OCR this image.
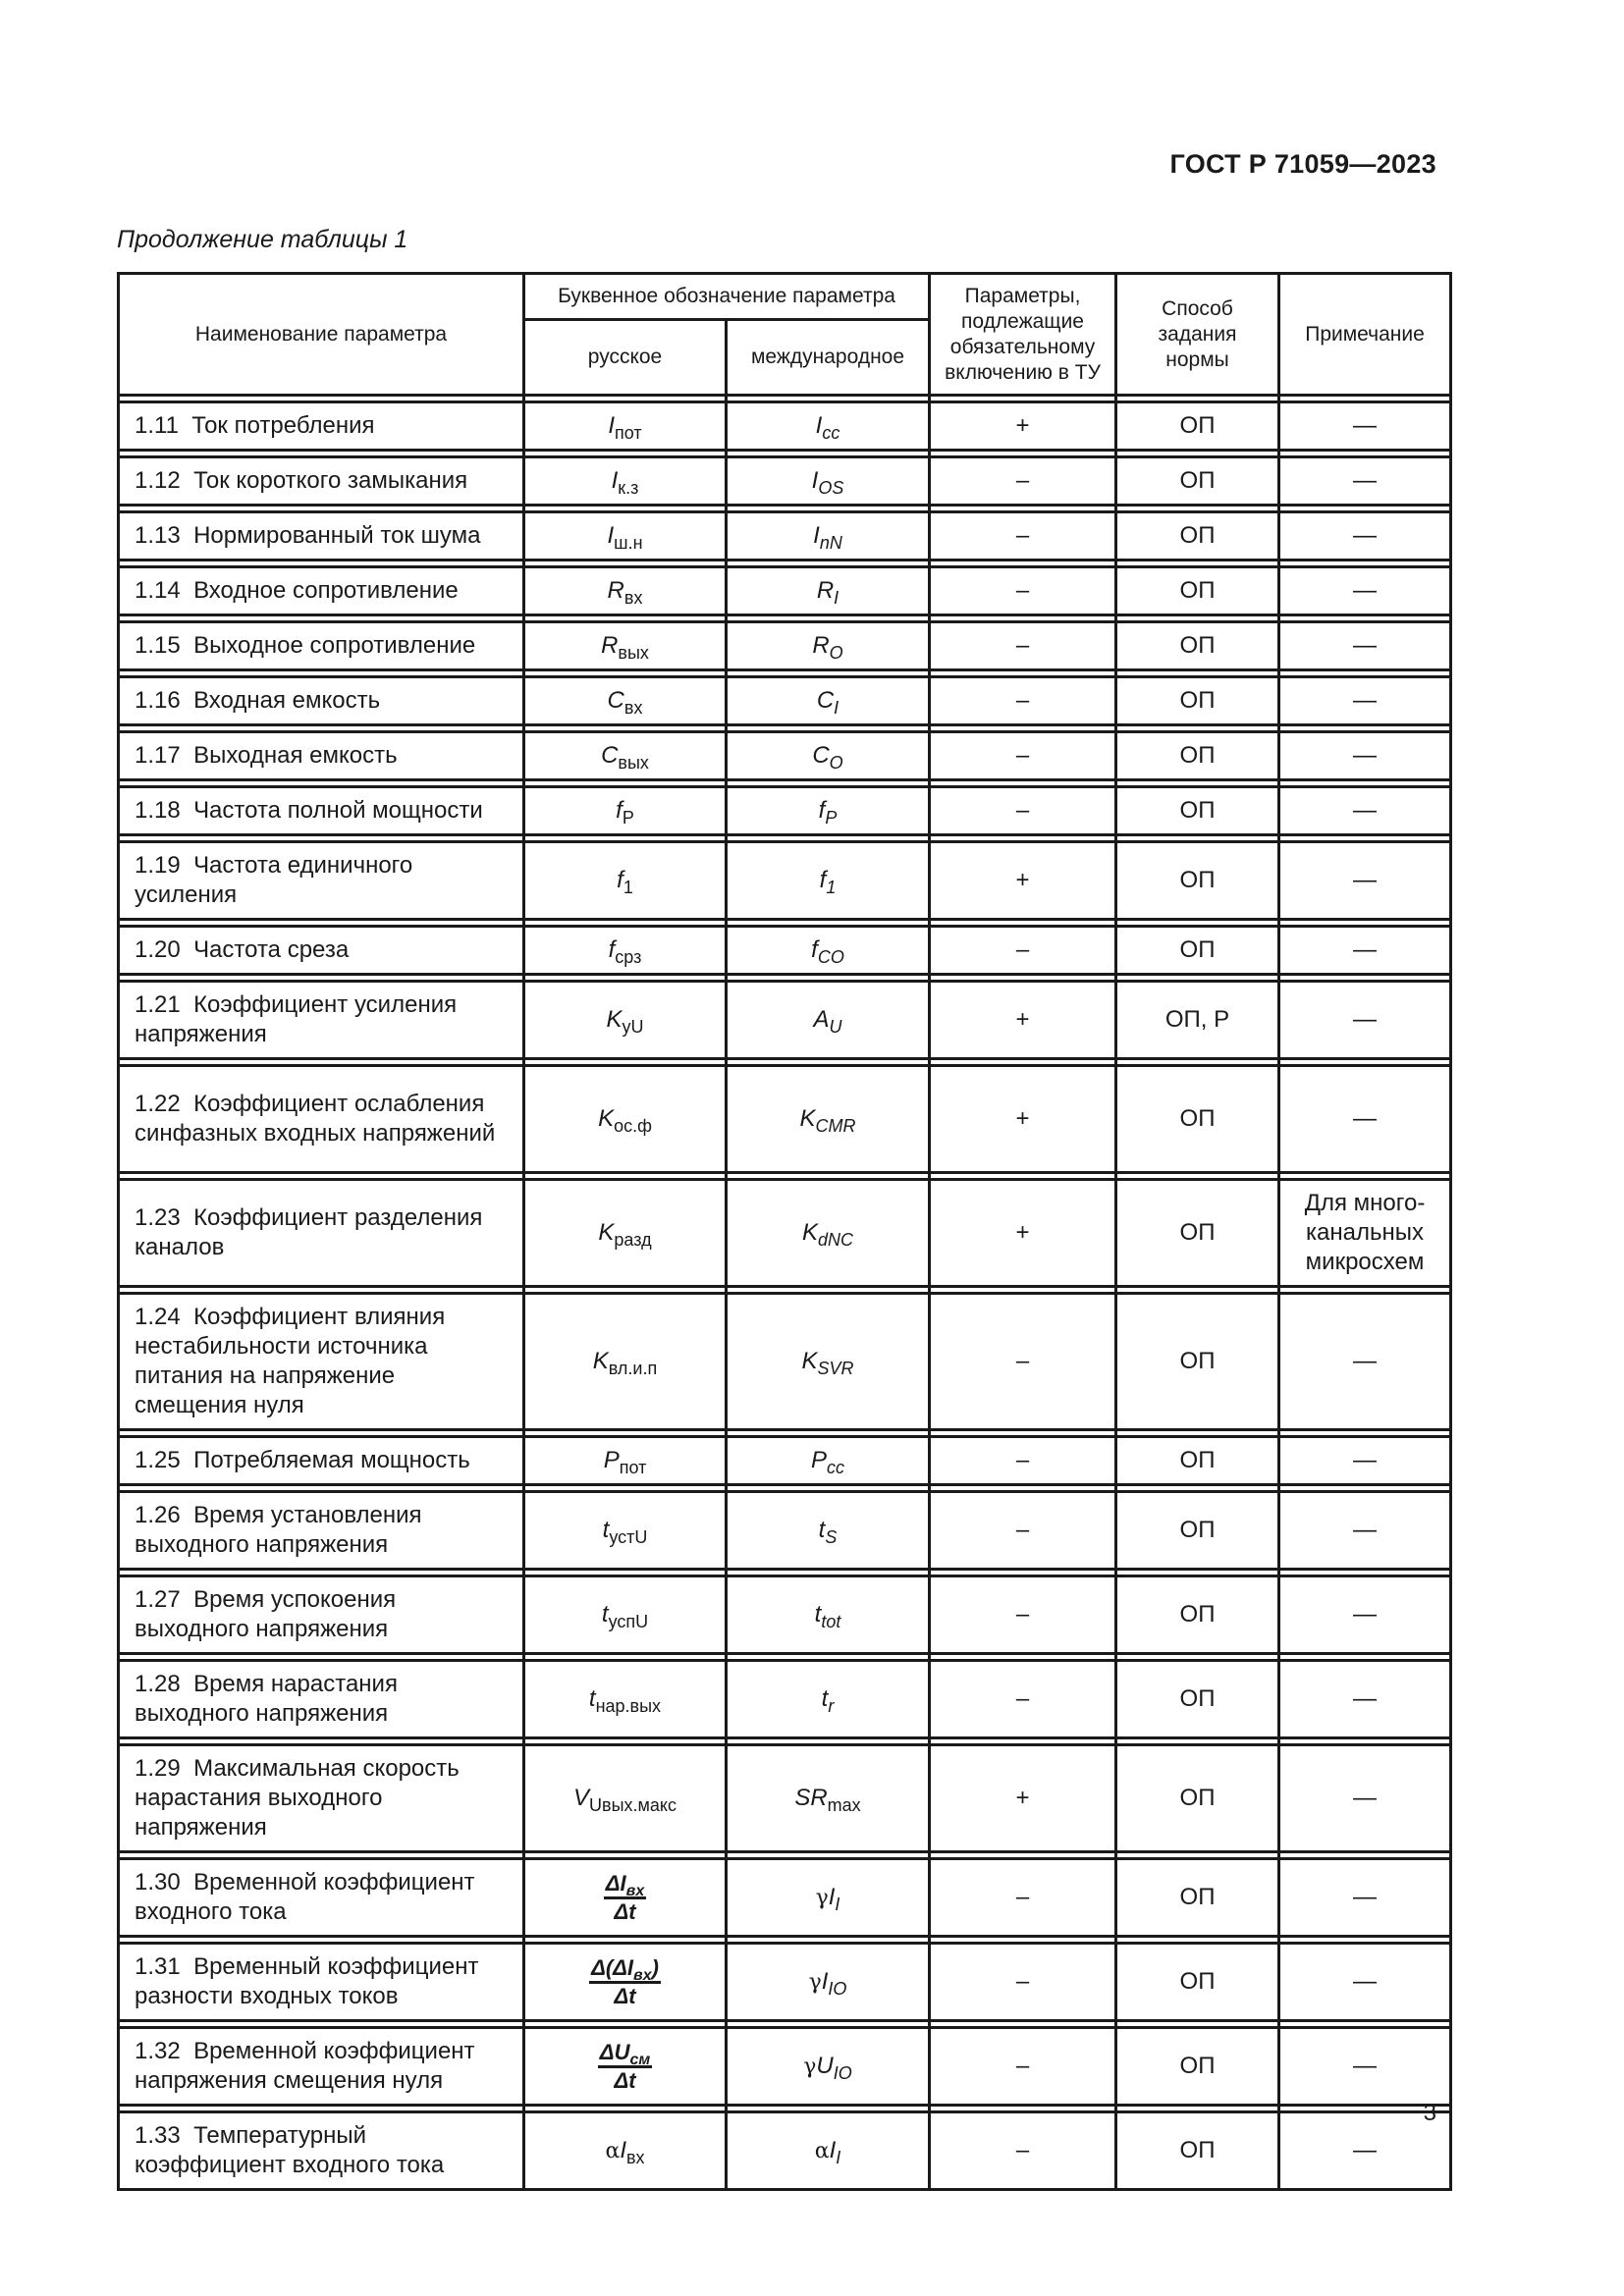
ГОСТ Р 71059—2023
Продолжение таблицы 1
Наименование параметра	Буквенное обозначение параметра		Параметры, подлежащие обязательному включению в ТУ	Способ задания нормы	Примечание
	русское	международное			

1.11 Ток потребления	$I_{пот}$	$I_{cc}$	+	ОП	—

1.12 Ток короткого замыкания	$I_{к.з}$	$I_{OS}$	–	ОП	—

1.13 Нормированный ток шума	$I_{ш.н}$	$I_{nN}$	–	ОП	—

1.14 Входное сопротивление	$R_{вх}$	$R_I$	–	ОП	—

1.15 Выходное сопротивление	$R_{вых}$	$R_O$	–	ОП	—

1.16 Входная емкость	$C_{вх}$	$C_I$	–	ОП	—

1.17 Выходная емкость	$C_{вых}$	$C_O$	–	ОП	—

1.18 Частота полной мощности	$f_P$	$f_P$	–	ОП	—

1.19 Частота единичного усиления	$f_1$	$f_1$	+	ОП	—

1.20 Частота среза	$f_{срз}$	$f_{CO}$	–	ОП	—

1.21 Коэффициент усиления напряжения	$K_{yU}$	$A_U$	+	ОП, Р	—

1.22 Коэффициент ослабления синфазных входных напряжений	$K_{ос.ф}$	$K_{CMR}$	+	ОП	—

1.23 Коэффициент разделения каналов	$K_{разд}$	$K_{dNC}$	+	ОП	Для много-канальных микросхем

1.24 Коэффициент влияния нестабильности источника питания на напряжение смещения нуля	$K_{вл.и.п}$	$K_{SVR}$	–	ОП	—

1.25 Потребляемая мощность	$P_{пот}$	$P_{cc}$	–	ОП	—

1.26 Время установления выходного напряжения	$t_{устU}$	$t_S$	–	ОП	—

1.27 Время успокоения выходного напряжения	$t_{успU}$	$t_{tot}$	–	ОП	—

1.28 Время нарастания выходного напряжения	$t_{нар.вых}$	$t_r$	–	ОП	—

1.29 Максимальная скорость нарастания выходного напряжения	$V_{Uвых.макс}$	$SR_{max}$	+	ОП	—

1.30 Временной коэффициент входного тока	$\frac{\Delta I_{вх}}{\Delta t}$	$\gamma I_I$	–	ОП	—

1.31 Временный коэффициент разности входных токов	$\frac{\Delta(\Delta I_{вх})}{\Delta t}$	$\gamma I_{IO}$	–	ОП	—

1.32 Временной коэффициент напряжения смещения нуля	$\frac{\Delta U_{см}}{\Delta t}$	$\gamma U_{IO}$	–	ОП	—

1.33 Температурный коэффициент входного тока	$\alpha I_{вх}$	$\alpha I_I$	–	ОП	—
3
